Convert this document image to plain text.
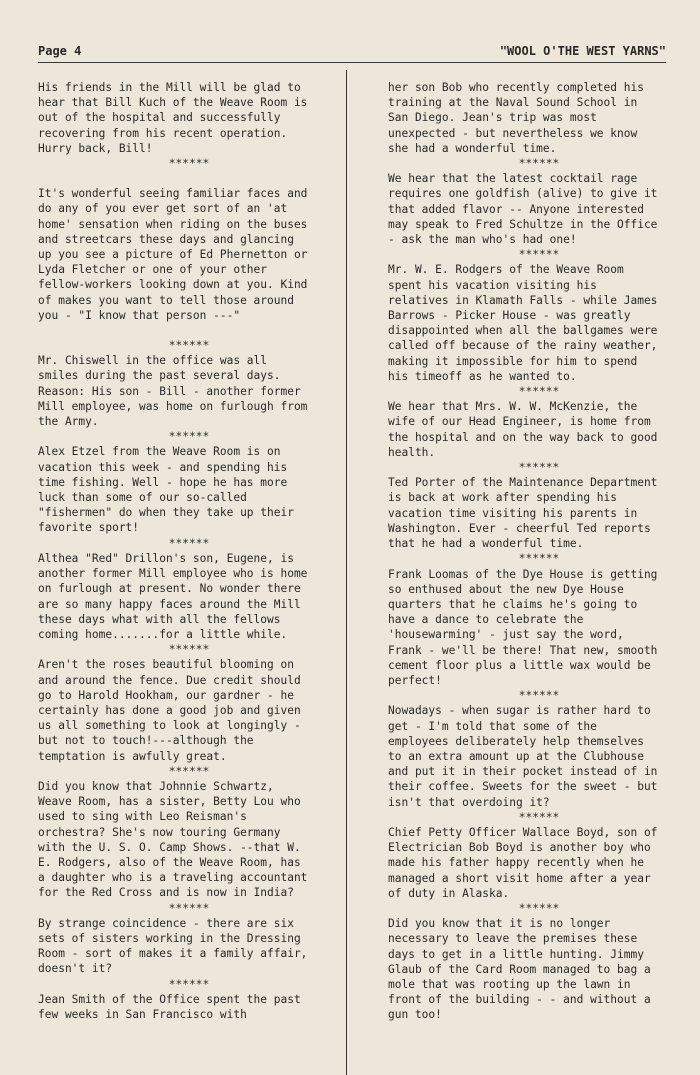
Page 4	"WOOL O'THE WEST YARNS"

His friends in the Mill will be glad to hear that Bill Kuch of the Weave Room is out of the hospital and successfully recovering from his recent operation. Hurry back, Bill!

******

It's wonderful seeing familiar faces and do any of you ever get sort of an 'at home' sensation when riding on the buses and streetcars these days and glancing up you see a picture of Ed Phernetton or Lyda Fletcher or one of your other fellow-workers looking down at you. Kind of makes you want to tell those around you - "I know that person ---"

******

Mr. Chiswell in the office was all smiles during the past several days. Reason: His son - Bill - another former Mill employee, was home on furlough from the Army.

******

Alex Etzel from the Weave Room is on vacation this week - and spending his time fishing. Well - hope he has more luck than some of our so-called "fishermen" do when they take up their favorite sport!

******

Althea "Red" Drillon's son, Eugene, is another former Mill employee who is home on furlough at present. No wonder there are so many happy faces around the Mill these days what with all the fellows coming home.......for a little while.

******

Aren't the roses beautiful blooming on and around the fence. Due credit should go to Harold Hookham, our gardner - he certainly has done a good job and given us all something to look at longingly - but not to touch!---although the temptation is awfully great.

******

Did you know that Johnnie Schwartz, Weave Room, has a sister, Betty Lou who used to sing with Leo Reisman's orchestra? She's now touring Germany with the U. S. O. Camp Shows. --that W. E. Rodgers, also of the Weave Room, has a daughter who is a traveling accountant for the Red Cross and is now in India?

******

By strange coincidence - there are six sets of sisters working in the Dressing Room - sort of makes it a family affair, doesn't it?

******

Jean Smith of the Office spent the past few weeks in San Francisco with

her son Bob who recently completed his training at the Naval Sound School in San Diego. Jean's trip was most unexpected - but nevertheless we know she had a wonderful time.

******

We hear that the latest cocktail rage requires one goldfish (alive) to give it that added flavor -- Anyone interested may speak to Fred Schultze in the Office - ask the man who's had one!

******

Mr. W. E. Rodgers of the Weave Room spent his vacation visiting his relatives in Klamath Falls - while James Barrows - Picker House - was greatly disappointed when all the ballgames were called off because of the rainy weather, making it impossible for him to spend his timeoff as he wanted to.

******

We hear that Mrs. W. W. McKenzie, the wife of our Head Engineer, is home from the hospital and on the way back to good health.

******

Ted Porter of the Maintenance Department is back at work after spending his vacation time visiting his parents in Washington. Ever - cheerful Ted reports that he had a wonderful time.

******

Frank Loomas of the Dye House is getting so enthused about the new Dye House quarters that he claims he's going to have a dance to celebrate the 'housewarming' - just say the word, Frank - we'll be there! That new, smooth cement floor plus a little wax would be perfect!

******

Nowadays - when sugar is rather hard to get - I'm told that some of the employees deliberately help themselves to an extra amount up at the Clubhouse and put it in their pocket instead of in their coffee. Sweets for the sweet - but isn't that overdoing it?

******

Chief Petty Officer Wallace Boyd, son of Electrician Bob Boyd is another boy who made his father happy recently when he managed a short visit home after a year of duty in Alaska.

******

Did you know that it is no longer necessary to leave the premises these days to get in a little hunting. Jimmy Glaub of the Card Room managed to bag a mole that was rooting up the lawn in front of the building - - and without a gun too!
